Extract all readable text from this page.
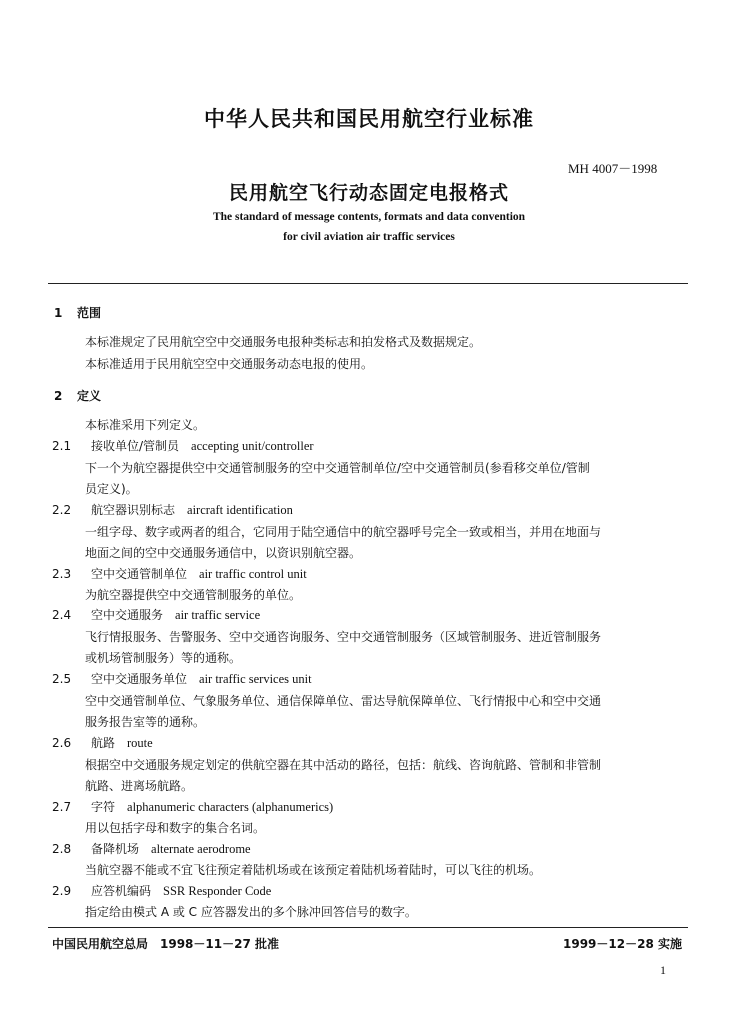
中华人民共和国民用航空行业标准
MH 4007－1998
民用航空飞行动态固定电报格式
The standard of message contents, formats and data convention
for civil aviation air traffic services
1 范围
本标准规定了民用航空空中交通服务电报种类标志和拍发格式及数据规定。
本标准适用于民用航空空中交通服务动态电报的使用。
2 定义
本标准采用下列定义。
2.1 接收单位/管制员 accepting unit/controller
下一个为航空器提供空中交通管制服务的空中交通管制单位/空中交通管制员(参看移交单位/管制
员定义)。
2.2 航空器识别标志 aircraft identification
一组字母、数字或两者的组合，它同用于陆空通信中的航空器呼号完全一致或相当，并用在地面与
地面之间的空中交通服务通信中，以资识别航空器。
2.3 空中交通管制单位 air traffic control unit
为航空器提供空中交通管制服务的单位。
2.4 空中交通服务 air traffic service
飞行情报服务、告警服务、空中交通咨询服务、空中交通管制服务（区域管制服务、进近管制服务
或机场管制服务）等的通称。
2.5 空中交通服务单位 air traffic services unit
空中交通管制单位、气象服务单位、通信保障单位、雷达导航保障单位、飞行情报中心和空中交通
服务报告室等的通称。
2.6 航路 route
根据空中交通服务规定划定的供航空器在其中活动的路径，包括：航线、咨询航路、管制和非管制
航路、进离场航路。
2.7 字符 alphanumeric characters (alphanumerics)
用以包括字母和数字的集合名词。
2.8 备降机场 alternate aerodrome
当航空器不能或不宜飞往预定着陆机场或在该预定着陆机场着陆时，可以飞往的机场。
2.9 应答机编码 SSR Responder Code
指定给由模式 A 或 C 应答器发出的多个脉冲回答信号的数字。
中国民用航空总局　1998－11－27 批准	1999－12－28 实施
1
